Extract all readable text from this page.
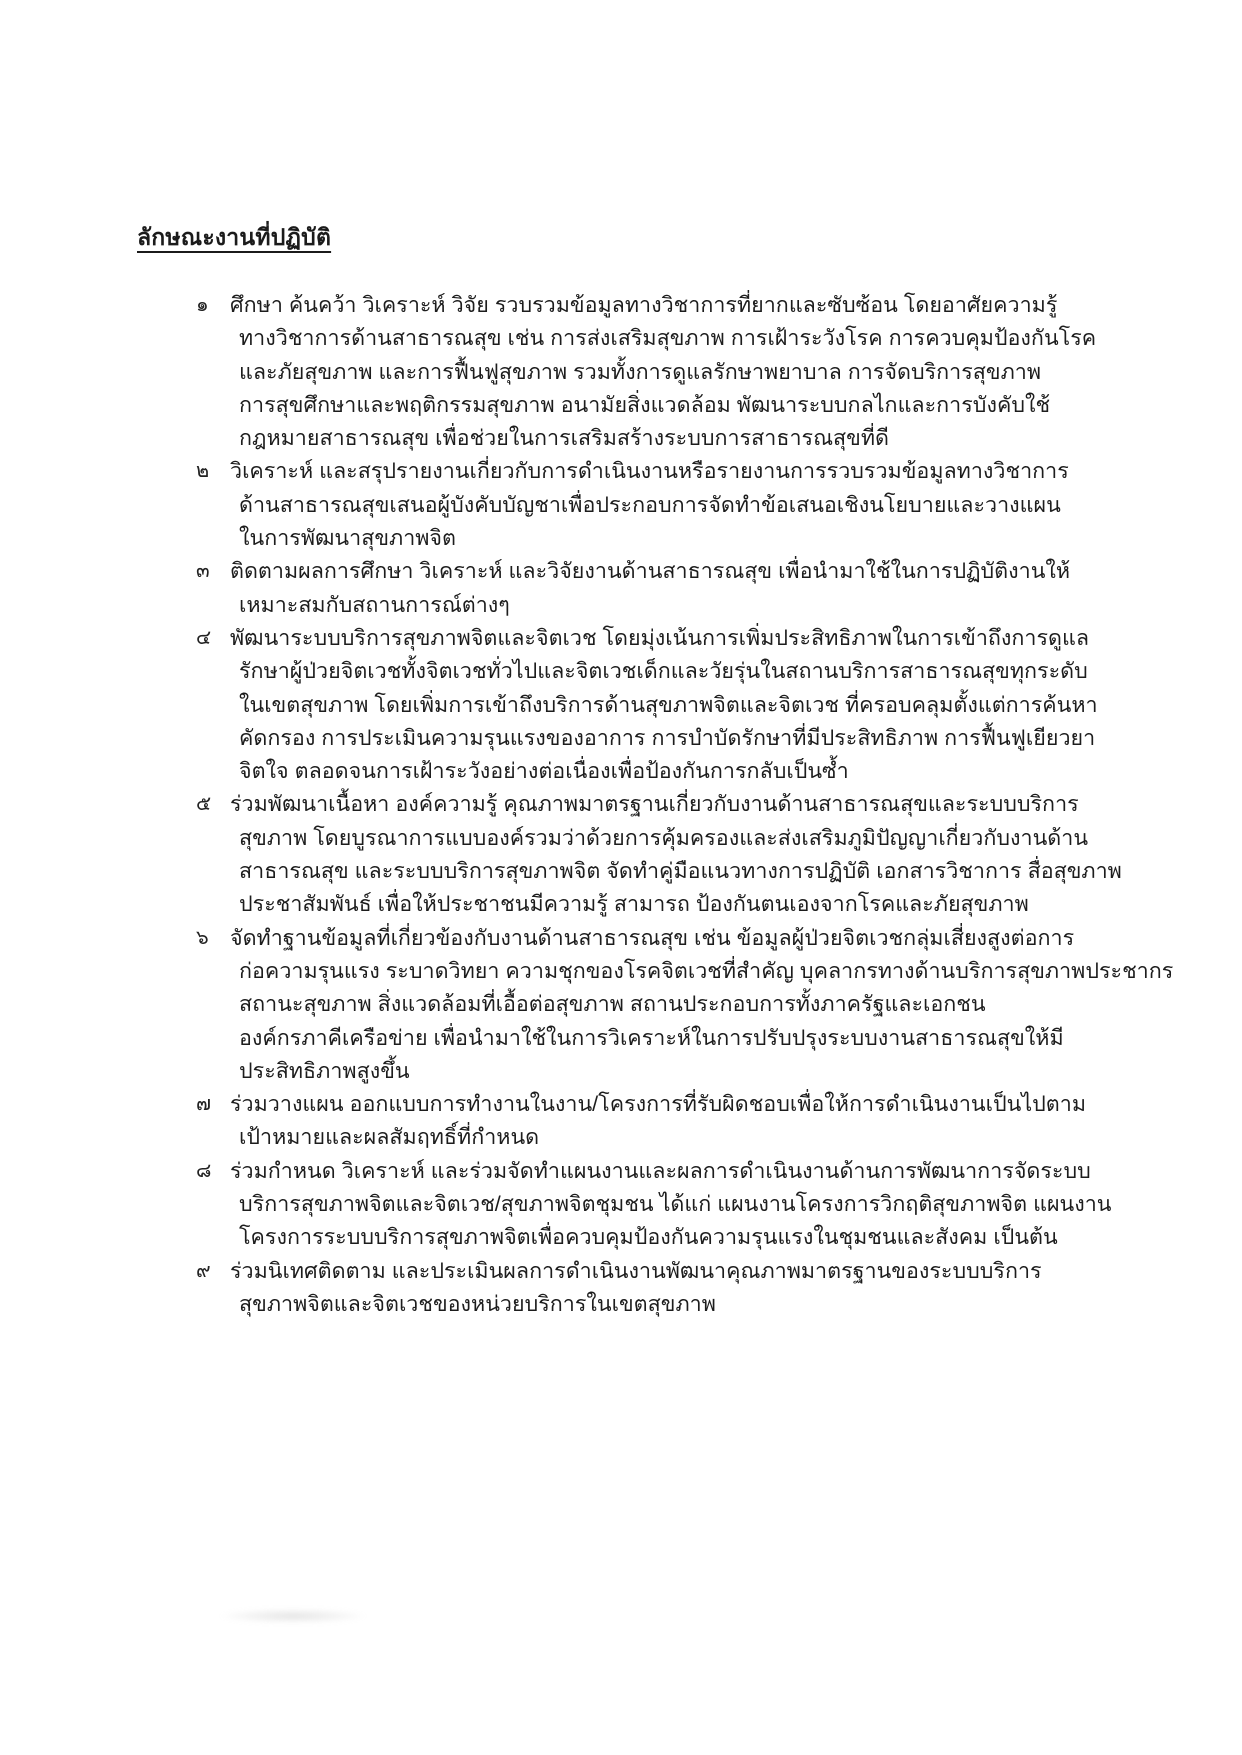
ลักษณะงานที่ปฏิบัติ
๑ ศึกษา ค้นคว้า วิเคราะห์ วิจัย รวบรวมข้อมูลทางวิชาการที่ยากและซับซ้อน โดยอาศัยความรู้
ทางวิชาการด้านสาธารณสุข เช่น การส่งเสริมสุขภาพ การเฝ้าระวังโรค การควบคุมป้องกันโรค
และภัยสุขภาพ และการฟื้นฟูสุขภาพ รวมทั้งการดูแลรักษาพยาบาล การจัดบริการสุขภาพ
การสุขศึกษาและพฤติกรรมสุขภาพ อนามัยสิ่งแวดล้อม พัฒนาระบบกลไกและการบังคับใช้
กฎหมายสาธารณสุข เพื่อช่วยในการเสริมสร้างระบบการสาธารณสุขที่ดี
๒ วิเคราะห์ และสรุปรายงานเกี่ยวกับการดำเนินงานหรือรายงานการรวบรวมข้อมูลทางวิชาการ
ด้านสาธารณสุขเสนอผู้บังคับบัญชาเพื่อประกอบการจัดทำข้อเสนอเชิงนโยบายและวางแผน
ในการพัฒนาสุขภาพจิต
๓ ติดตามผลการศึกษา วิเคราะห์ และวิจัยงานด้านสาธารณสุข เพื่อนำมาใช้ในการปฏิบัติงานให้
เหมาะสมกับสถานการณ์ต่างๆ
๔ พัฒนาระบบบริการสุขภาพจิตและจิตเวช โดยมุ่งเน้นการเพิ่มประสิทธิภาพในการเข้าถึงการดูแล
รักษาผู้ป่วยจิตเวชทั้งจิตเวชทั่วไปและจิตเวชเด็กและวัยรุ่นในสถานบริการสาธารณสุขทุกระดับ
ในเขตสุขภาพ โดยเพิ่มการเข้าถึงบริการด้านสุขภาพจิตและจิตเวช ที่ครอบคลุมตั้งแต่การค้นหา
คัดกรอง การประเมินความรุนแรงของอาการ การบำบัดรักษาที่มีประสิทธิภาพ การฟื้นฟูเยียวยา
จิตใจ ตลอดจนการเฝ้าระวังอย่างต่อเนื่องเพื่อป้องกันการกลับเป็นซ้ำ
๕ ร่วมพัฒนาเนื้อหา องค์ความรู้ คุณภาพมาตรฐานเกี่ยวกับงานด้านสาธารณสุขและระบบบริการ
สุขภาพ โดยบูรณาการแบบองค์รวมว่าด้วยการคุ้มครองและส่งเสริมภูมิปัญญาเกี่ยวกับงานด้าน
สาธารณสุข และระบบบริการสุขภาพจิต จัดทำคู่มือแนวทางการปฏิบัติ เอกสารวิชาการ สื่อสุขภาพ
ประชาสัมพันธ์ เพื่อให้ประชาชนมีความรู้ สามารถ ป้องกันตนเองจากโรคและภัยสุขภาพ
๖ จัดทำฐานข้อมูลที่เกี่ยวข้องกับงานด้านสาธารณสุข เช่น ข้อมูลผู้ป่วยจิตเวชกลุ่มเสี่ยงสูงต่อการ
ก่อความรุนแรง ระบาดวิทยา ความชุกของโรคจิตเวชที่สำคัญ บุคลากรทางด้านบริการสุขภาพประชากร
สถานะสุขภาพ สิ่งแวดล้อมที่เอื้อต่อสุขภาพ สถานประกอบการทั้งภาครัฐและเอกชน
องค์กรภาคีเครือข่าย เพื่อนำมาใช้ในการวิเคราะห์ในการปรับปรุงระบบงานสาธารณสุขให้มี
ประสิทธิภาพสูงขึ้น
๗ ร่วมวางแผน ออกแบบการทำงานในงาน/โครงการที่รับผิดชอบเพื่อให้การดำเนินงานเป็นไปตาม
เป้าหมายและผลสัมฤทธิ์ที่กำหนด
๘ ร่วมกำหนด วิเคราะห์ และร่วมจัดทำแผนงานและผลการดำเนินงานด้านการพัฒนาการจัดระบบ
บริการสุขภาพจิตและจิตเวช/สุขภาพจิตชุมชน ได้แก่ แผนงานโครงการวิกฤติสุขภาพจิต แผนงาน
โครงการระบบบริการสุขภาพจิตเพื่อควบคุมป้องกันความรุนแรงในชุมชนและสังคม เป็นต้น
๙ ร่วมนิเทศติดตาม และประเมินผลการดำเนินงานพัฒนาคุณภาพมาตรฐานของระบบบริการ
สุขภาพจิตและจิตเวชของหน่วยบริการในเขตสุขภาพ
